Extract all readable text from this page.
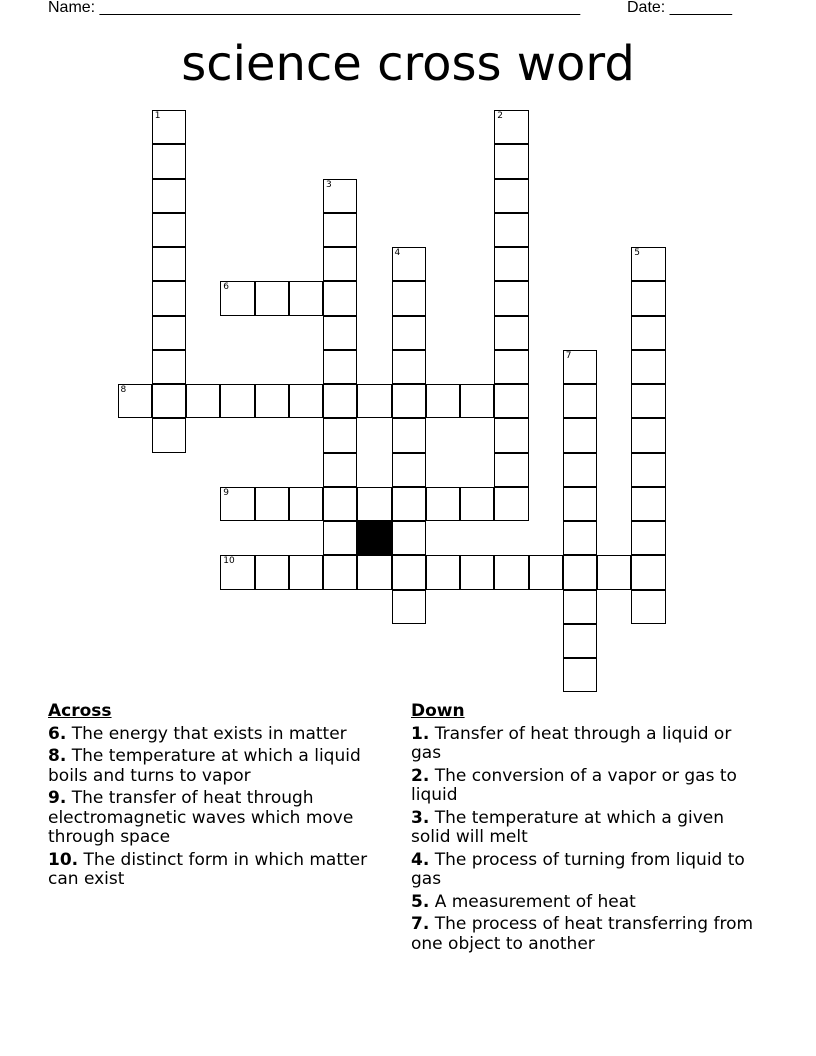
Name: ______________________________________________________	Date: _______
science cross word
1	2
3
4	5
6
7
8
9
10
Across
6. The energy that exists in matter
8. The temperature at which a liquid boils and turns to vapor
9. The transfer of heat through electromagnetic waves which move through space
10. The distinct form in which matter can exist
Down
1. Transfer of heat through a liquid or gas
2. The conversion of a vapor or gas to liquid
3. The temperature at which a given solid will melt
4. The process of turning from liquid to gas
5. A measurement of heat
7. The process of heat transferring from one object to another
